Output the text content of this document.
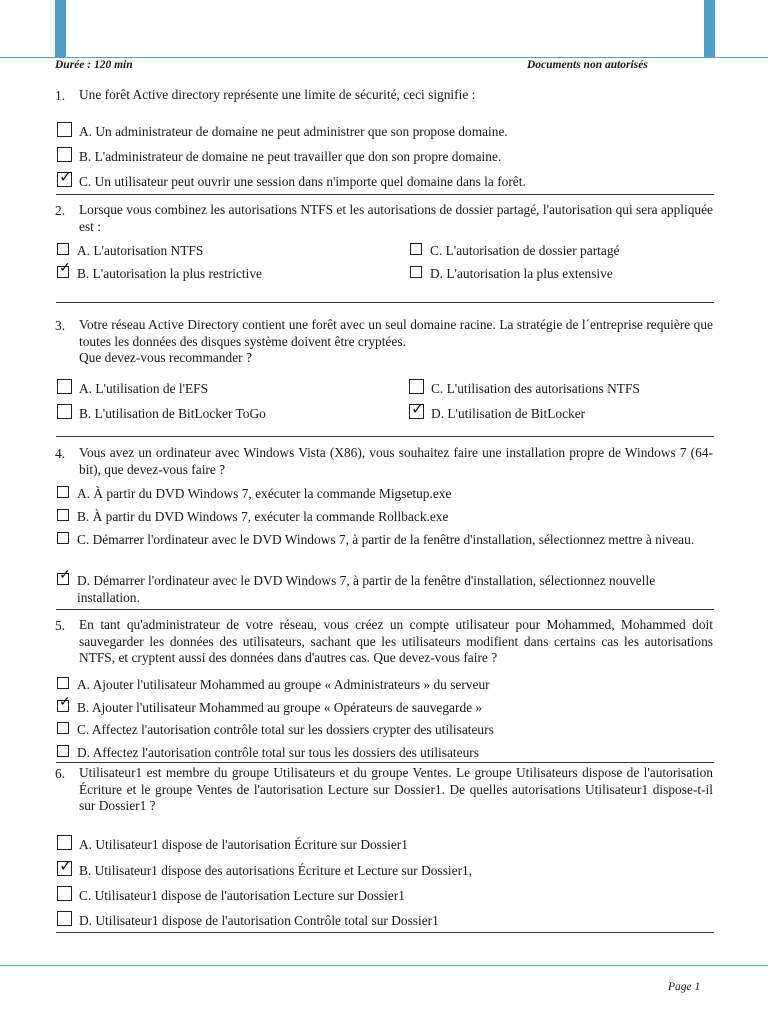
Durée : 120 min	Documents non autorisés
1. Une forêt Active directory représente une limite de sécurité, ceci signifie :
A. Un administrateur de domaine ne peut administrer que son propose domaine.
B. L'administrateur de domaine ne peut travailler que don son propre domaine.
✓ C. Un utilisateur peut ouvrir une session dans n'importe quel domaine dans la forêt.
2. Lorsque vous combinez les autorisations NTFS et les autorisations de dossier partagé, l'autorisation qui sera appliquée est :
A. L'autorisation NTFS
✓ B. L'autorisation la plus restrictive
C. L'autorisation de dossier partagé
D. L'autorisation la plus extensive
3. Votre réseau Active Directory contient une forêt avec un seul domaine racine. La stratégie de l´entreprise requière que toutes les données des disques système doivent être cryptées.
Que devez-vous recommander ?
A. L'utilisation de l'EFS
B. L'utilisation de BitLocker ToGo
C. L'utilisation des autorisations NTFS
✓ D. L'utilisation de BitLocker
4. Vous avez un ordinateur avec Windows Vista (X86), vous souhaitez faire une installation propre de Windows 7 (64-bit), que devez-vous faire ?
A. À partir du DVD Windows 7, exécuter la commande Migsetup.exe
B. À partir du DVD Windows 7, exécuter la commande Rollback.exe
C. Démarrer l'ordinateur avec le DVD Windows 7, à partir de la fenêtre d'installation, sélectionnez mettre à niveau.
✓ D. Démarrer l'ordinateur avec le DVD Windows 7, à partir de la fenêtre d'installation, sélectionnez nouvelle installation.
5. En tant qu'administrateur de votre réseau, vous créez un compte utilisateur pour Mohammed, Mohammed doit sauvegarder les données des utilisateurs, sachant que les utilisateurs modifient dans certains cas les autorisations NTFS, et cryptent aussi des données dans d'autres cas. Que devez-vous faire ?
A. Ajouter l'utilisateur Mohammed au groupe « Administrateurs » du serveur
✓ B. Ajouter l'utilisateur Mohammed au groupe « Opérateurs de sauvegarde »
C. Affectez l'autorisation contrôle total sur les dossiers crypter des utilisateurs
D. Affectez l'autorisation contrôle total sur tous les dossiers des utilisateurs
6. Utilisateur1 est membre du groupe Utilisateurs et du groupe Ventes. Le groupe Utilisateurs dispose de l'autorisation Écriture et le groupe Ventes de l'autorisation Lecture sur Dossier1. De quelles autorisations Utilisateur1 dispose-t-il sur Dossier1 ?
A. Utilisateur1 dispose de l'autorisation Écriture sur Dossier1
✓ B. Utilisateur1 dispose des autorisations Écriture et Lecture sur Dossier1,
C. Utilisateur1 dispose de l'autorisation Lecture sur Dossier1
D. Utilisateur1 dispose de l'autorisation Contrôle total sur Dossier1
Page 1
